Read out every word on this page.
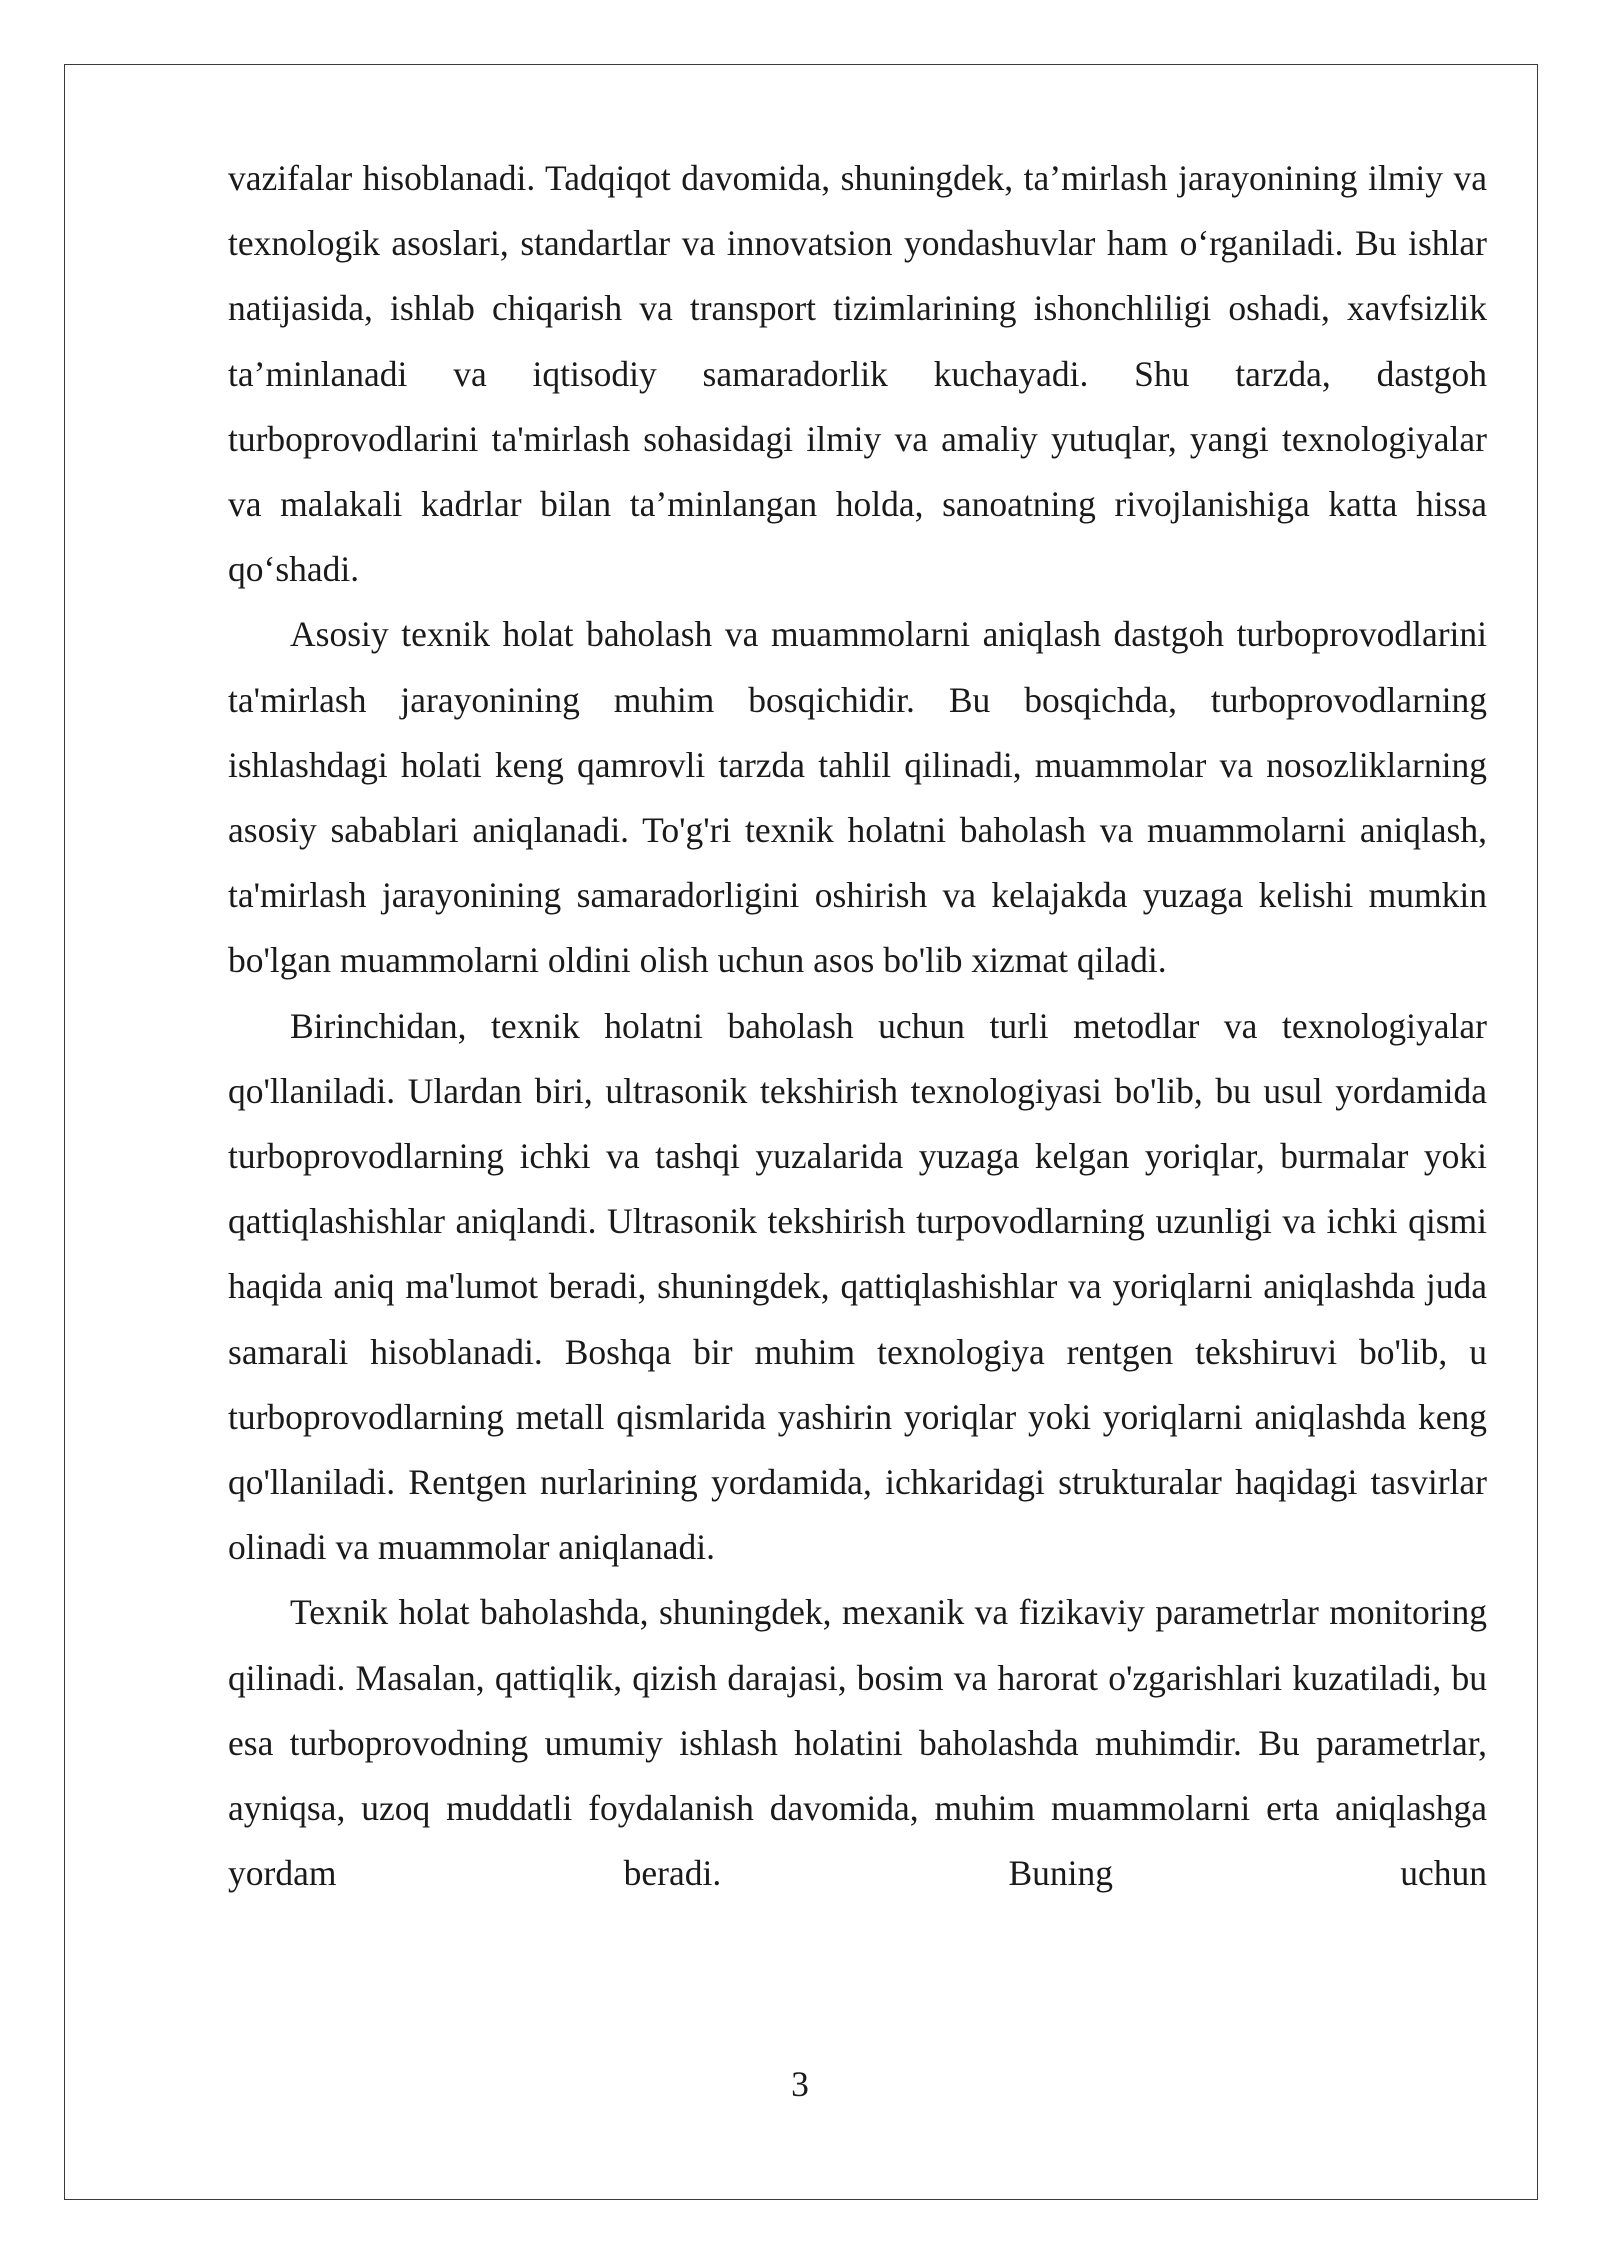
vazifalar hisoblanadi. Tadqiqot davomida, shuningdek, ta’mirlash jarayonining ilmiy va texnologik asoslari, standartlar va innovatsion yondashuvlar ham o‘rganiladi. Bu ishlar natijasida, ishlab chiqarish va transport tizimlarining ishonchliligi oshadi, xavfsizlik ta’minlanadi va iqtisodiy samaradorlik kuchayadi. Shu tarzda, dastgoh turboprovodlarini ta'mirlash sohasidagi ilmiy va amaliy yutuqlar, yangi texnologiyalar va malakali kadrlar bilan ta’minlangan holda, sanoatning rivojlanishiga katta hissa qo‘shadi.

Asosiy texnik holat baholash va muammolarni aniqlash dastgoh turboprovodlarini ta'mirlash jarayonining muhim bosqichidir. Bu bosqichda, turboprovodlarning ishlashdagi holati keng qamrovli tarzda tahlil qilinadi, muammolar va nosozliklarning asosiy sabablari aniqlanadi. To'g'ri texnik holatni baholash va muammolarni aniqlash, ta'mirlash jarayonining samaradorligini oshirish va kelajakda yuzaga kelishi mumkin bo'lgan muammolarni oldini olish uchun asos bo'lib xizmat qiladi.

Birinchidan, texnik holatni baholash uchun turli metodlar va texnologiyalar qo'llaniladi. Ulardan biri, ultrasonik tekshirish texnologiyasi bo'lib, bu usul yordamida turboprovodlarning ichki va tashqi yuzalarida yuzaga kelgan yoriqlar, burmalar yoki qattiqlashishlar aniqlandi. Ultrasonik tekshirish turpovodlarning uzunligi va ichki qismi haqida aniq ma'lumot beradi, shuningdek, qattiqlashishlar va yoriqlarni aniqlashda juda samarali hisoblanadi. Boshqa bir muhim texnologiya rentgen tekshiruvi bo'lib, u turboprovodlarning metall qismlarida yashirin yoriqlar yoki yoriqlarni aniqlashda keng qo'llaniladi. Rentgen nurlarining yordamida, ichkaridagi strukturalar haqidagi tasvirlar olinadi va muammolar aniqlanadi.

Texnik holat baholashda, shuningdek, mexanik va fizikaviy parametrlar monitoring qilinadi. Masalan, qattiqlik, qizish darajasi, bosim va harorat o'zgarishlari kuzatiladi, bu esa turboprovodning umumiy ishlash holatini baholashda muhimdir. Bu parametrlar, ayniqsa, uzoq muddatli foydalanish davomida, muhim muammolarni erta aniqlashga yordam beradi. Buning uchun

3
